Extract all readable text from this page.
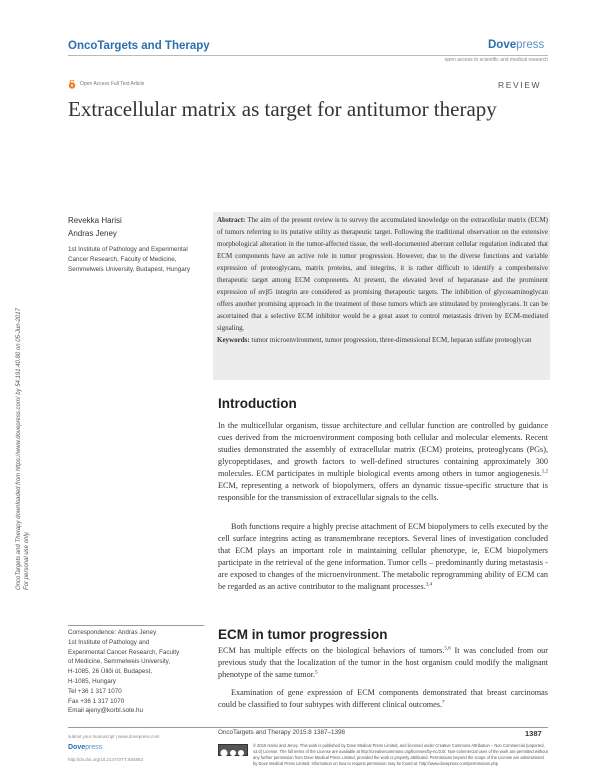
OncoTargets and Therapy	Dovepress
open access to scientific and medical research
Open Access Full Text Article	REVIEW
Extracellular matrix as target for antitumor therapy
OncoTargets and Therapy downloaded from https://www.dovepress.com/ by 54.191.40.80 on 05-Jun-2017 For personal use only.
Revekka Harisi
Andras Jeney
1st Institute of Pathology and Experimental Cancer Research, Faculty of Medicine, Semmelweis University, Budapest, Hungary
Abstract: The aim of the present review is to survey the accumulated knowledge on the extracellular matrix (ECM) of tumors referring to its putative utility as therapeutic target. Following the traditional observation on the extensive morphological alteration in the tumor-affected tissue, the well-documented aberrant cellular regulation indicated that ECM components have an active role in tumor progression. However, due to the diverse functions and variable expression of proteoglycans, matrix proteins, and integrins, it is rather difficult to identify a comprehensive therapeutic target among ECM components. At present, the elevated level of heparanase and the prominent expression of αvβ5 integrin are considered as promising therapeutic targets. The inhibition of glycosaminoglycan offers another promising approach in the treatment of those tumors which are stimulated by proteoglycans. It can be ascertained that a selective ECM inhibitor would be a great asset to control metastasis driven by ECM-mediated signaling.
Keywords: tumor microenvironment, tumor progression, three-dimensional ECM, heparan sulfate proteoglycan
Introduction

In the multicellular organism, tissue architecture and cellular function are controlled by guidance cues derived from the microenvironment composing both cellular and molecular elements. Recent studies demonstrated the assembly of extracellular matrix (ECM) proteins, proteoglycans (PGs), glycopeptidases, and growth factors to well-defined structures containing approximately 300 molecules. ECM participates in multiple biological events among others in tumor angiogenesis.$^{1,2}$ ECM, representing a network of biopolymers, offers an dynamic tissue-specific structure that is responsible for the transmission of extracellular signals to the cells.

Both functions require a highly precise attachment of ECM biopolymers to cells executed by the cell surface integrins acting as transmembrane receptors. Several lines of investigation concluded that ECM plays an important role in maintaining cellular phenotype, ie, ECM biopolymers participate in the retrieval of the gene information. Tumor cells – predominantly during metastasis - are exposed to changes of the microenvironment. The metabolic reprogramming ability of ECM can be regarded as an active contributor to the malignant processes.$^{3,4}$

ECM in tumor progression

ECM has multiple effects on the biological behaviors of tumors.$^{5,6}$ It was concluded from our previous study that the localization of the tumor in the host organism could modify the malignant phenotype of the same tumor.$^5$

Examination of gene expression of ECM components demonstrated that breast carcinomas could be classified to four subtypes with different clinical outcomes.$^7$

Correspondence: Andras Jeney
1st Institute of Pathology and
Experimental Cancer Research, Faculty
of Medicine, Semmelweis University,
H-1085, 26 Üllői út, Budapest,
H-1085, Hungary
Tel +36 1 317 1070
Fax +36 1 317 1070
Email ajeny@korbl.sote.hu
OncoTargets and Therapy 2015:8 1387–1398	1387
submit your manuscript | www.dovepress.com
Dovepress
http://dx.doi.org/10.2147/OTT.S84853
© 2015 Harisi and Jeney. This work is published by Dove Medical Press Limited, and licensed under Creative Commons Attribution – Non Commercial (unported, v3.0) License. The full terms of the License are available at http://creativecommons.org/licenses/by-nc/3.0/. Non-commercial uses of the work are permitted without any further permission from Dove Medical Press Limited, provided the work is properly attributed. Permissions beyond the scope of the License are administered by Dove Medical Press Limited. Information on how to request permission may be found at: http://www.dovepress.com/permissions.php
